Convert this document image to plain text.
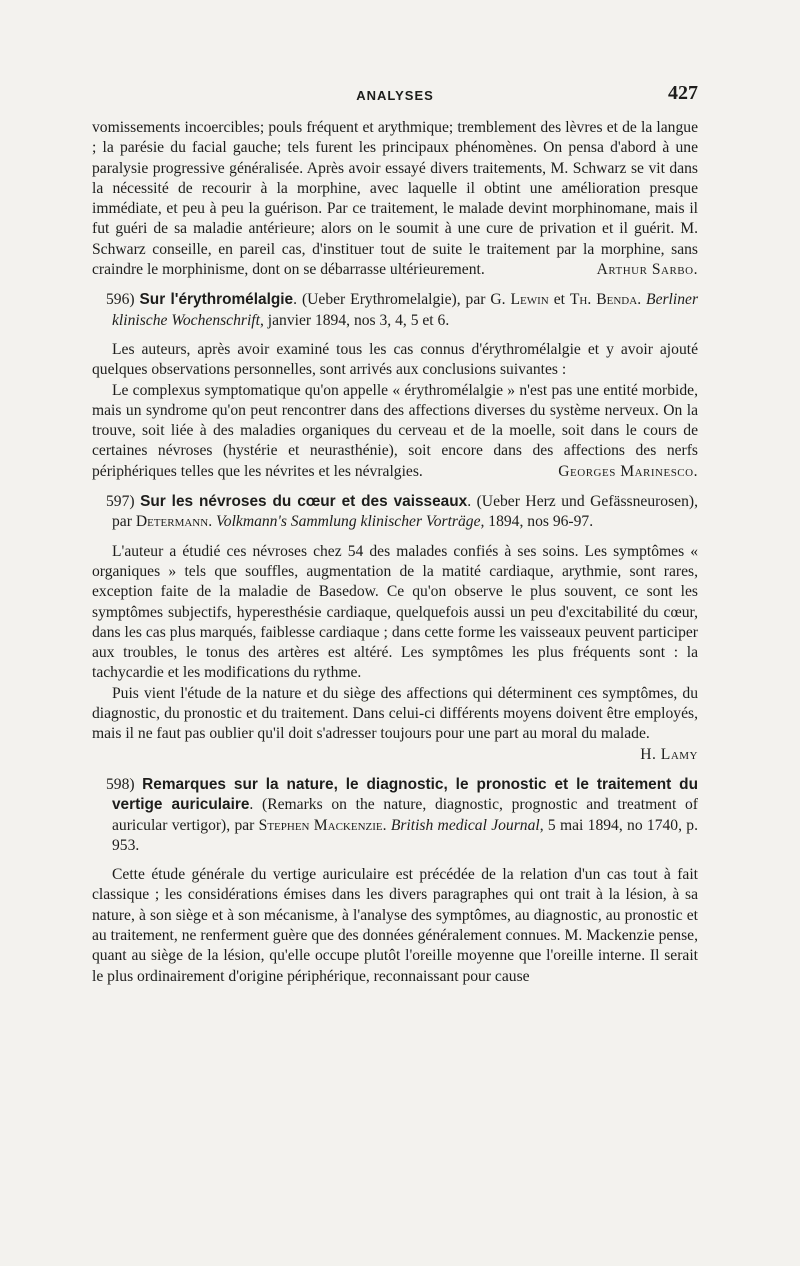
ANALYSES	427

vomissements incoercibles; pouls fréquent et arythmique; tremblement des lèvres et de la langue ; la parésie du facial gauche; tels furent les principaux phénomènes. On pensa d'abord à une paralysie progressive généralisée. Après avoir essayé divers traitements, M. Schwarz se vit dans la nécessité de recourir à la morphine, avec laquelle il obtint une amélioration presque immédiate, et peu à peu la guérison. Par ce traitement, le malade devint morphinomane, mais il fut guéri de sa maladie antérieure; alors on le soumit à une cure de privation et il guérit. M. Schwarz conseille, en pareil cas, d'instituer tout de suite le traitement par la morphine, sans craindre le morphinisme, dont on se débarrasse ultérieurement.	Arthur Sarbo.

596) Sur l'érythromélalgie. (Ueber Erythromelalgie), par G. Lewin et Th. Benda. Berliner klinische Wochenschrift, janvier 1894, nos 3, 4, 5 et 6.

Les auteurs, après avoir examiné tous les cas connus d'érythromélalgie et y avoir ajouté quelques observations personnelles, sont arrivés aux conclusions suivantes :

Le complexus symptomatique qu'on appelle « érythromélalgie » n'est pas une entité morbide, mais un syndrome qu'on peut rencontrer dans des affections diverses du système nerveux. On la trouve, soit liée à des maladies organiques du cerveau et de la moelle, soit dans le cours de certaines névroses (hystérie et neurasthénie), soit encore dans des affections des nerfs périphériques telles que les névrites et les névralgies.	Georges Marinesco.

597) Sur les névroses du cœur et des vaisseaux. (Ueber Herz und Gefässneurosen), par Determann. Volkmann's Sammlung klinischer Vorträge, 1894, nos 96-97.

L'auteur a étudié ces névroses chez 54 des malades confiés à ses soins. Les symptômes « organiques » tels que souffles, augmentation de la matité cardiaque, arythmie, sont rares, exception faite de la maladie de Basedow. Ce qu'on observe le plus souvent, ce sont les symptômes subjectifs, hyperesthésie cardiaque, quelquefois aussi un peu d'excitabilité du cœur, dans les cas plus marqués, faiblesse cardiaque ; dans cette forme les vaisseaux peuvent participer aux troubles, le tonus des artères est altéré. Les symptômes les plus fréquents sont : la tachycardie et les modifications du rythme.

Puis vient l'étude de la nature et du siège des affections qui déterminent ces symptômes, du diagnostic, du pronostic et du traitement. Dans celui-ci différents moyens doivent être employés, mais il ne faut pas oublier qu'il doit s'adresser toujours pour une part au moral du malade.
H. Lamy

598) Remarques sur la nature, le diagnostic, le pronostic et le traitement du vertige auriculaire. (Remarks on the nature, diagnostic, prognostic and treatment of auricular vertigor), par Stephen Mackenzie. British medical Journal, 5 mai 1894, no 1740, p. 953.

Cette étude générale du vertige auriculaire est précédée de la relation d'un cas tout à fait classique ; les considérations émises dans les divers paragraphes qui ont trait à la lésion, à sa nature, à son siège et à son mécanisme, à l'analyse des symptômes, au diagnostic, au pronostic et au traitement, ne renferment guère que des données généralement connues. M. Mackenzie pense, quant au siège de la lésion, qu'elle occupe plutôt l'oreille moyenne que l'oreille interne. Il serait le plus ordinairement d'origine périphérique, reconnaissant pour cause
